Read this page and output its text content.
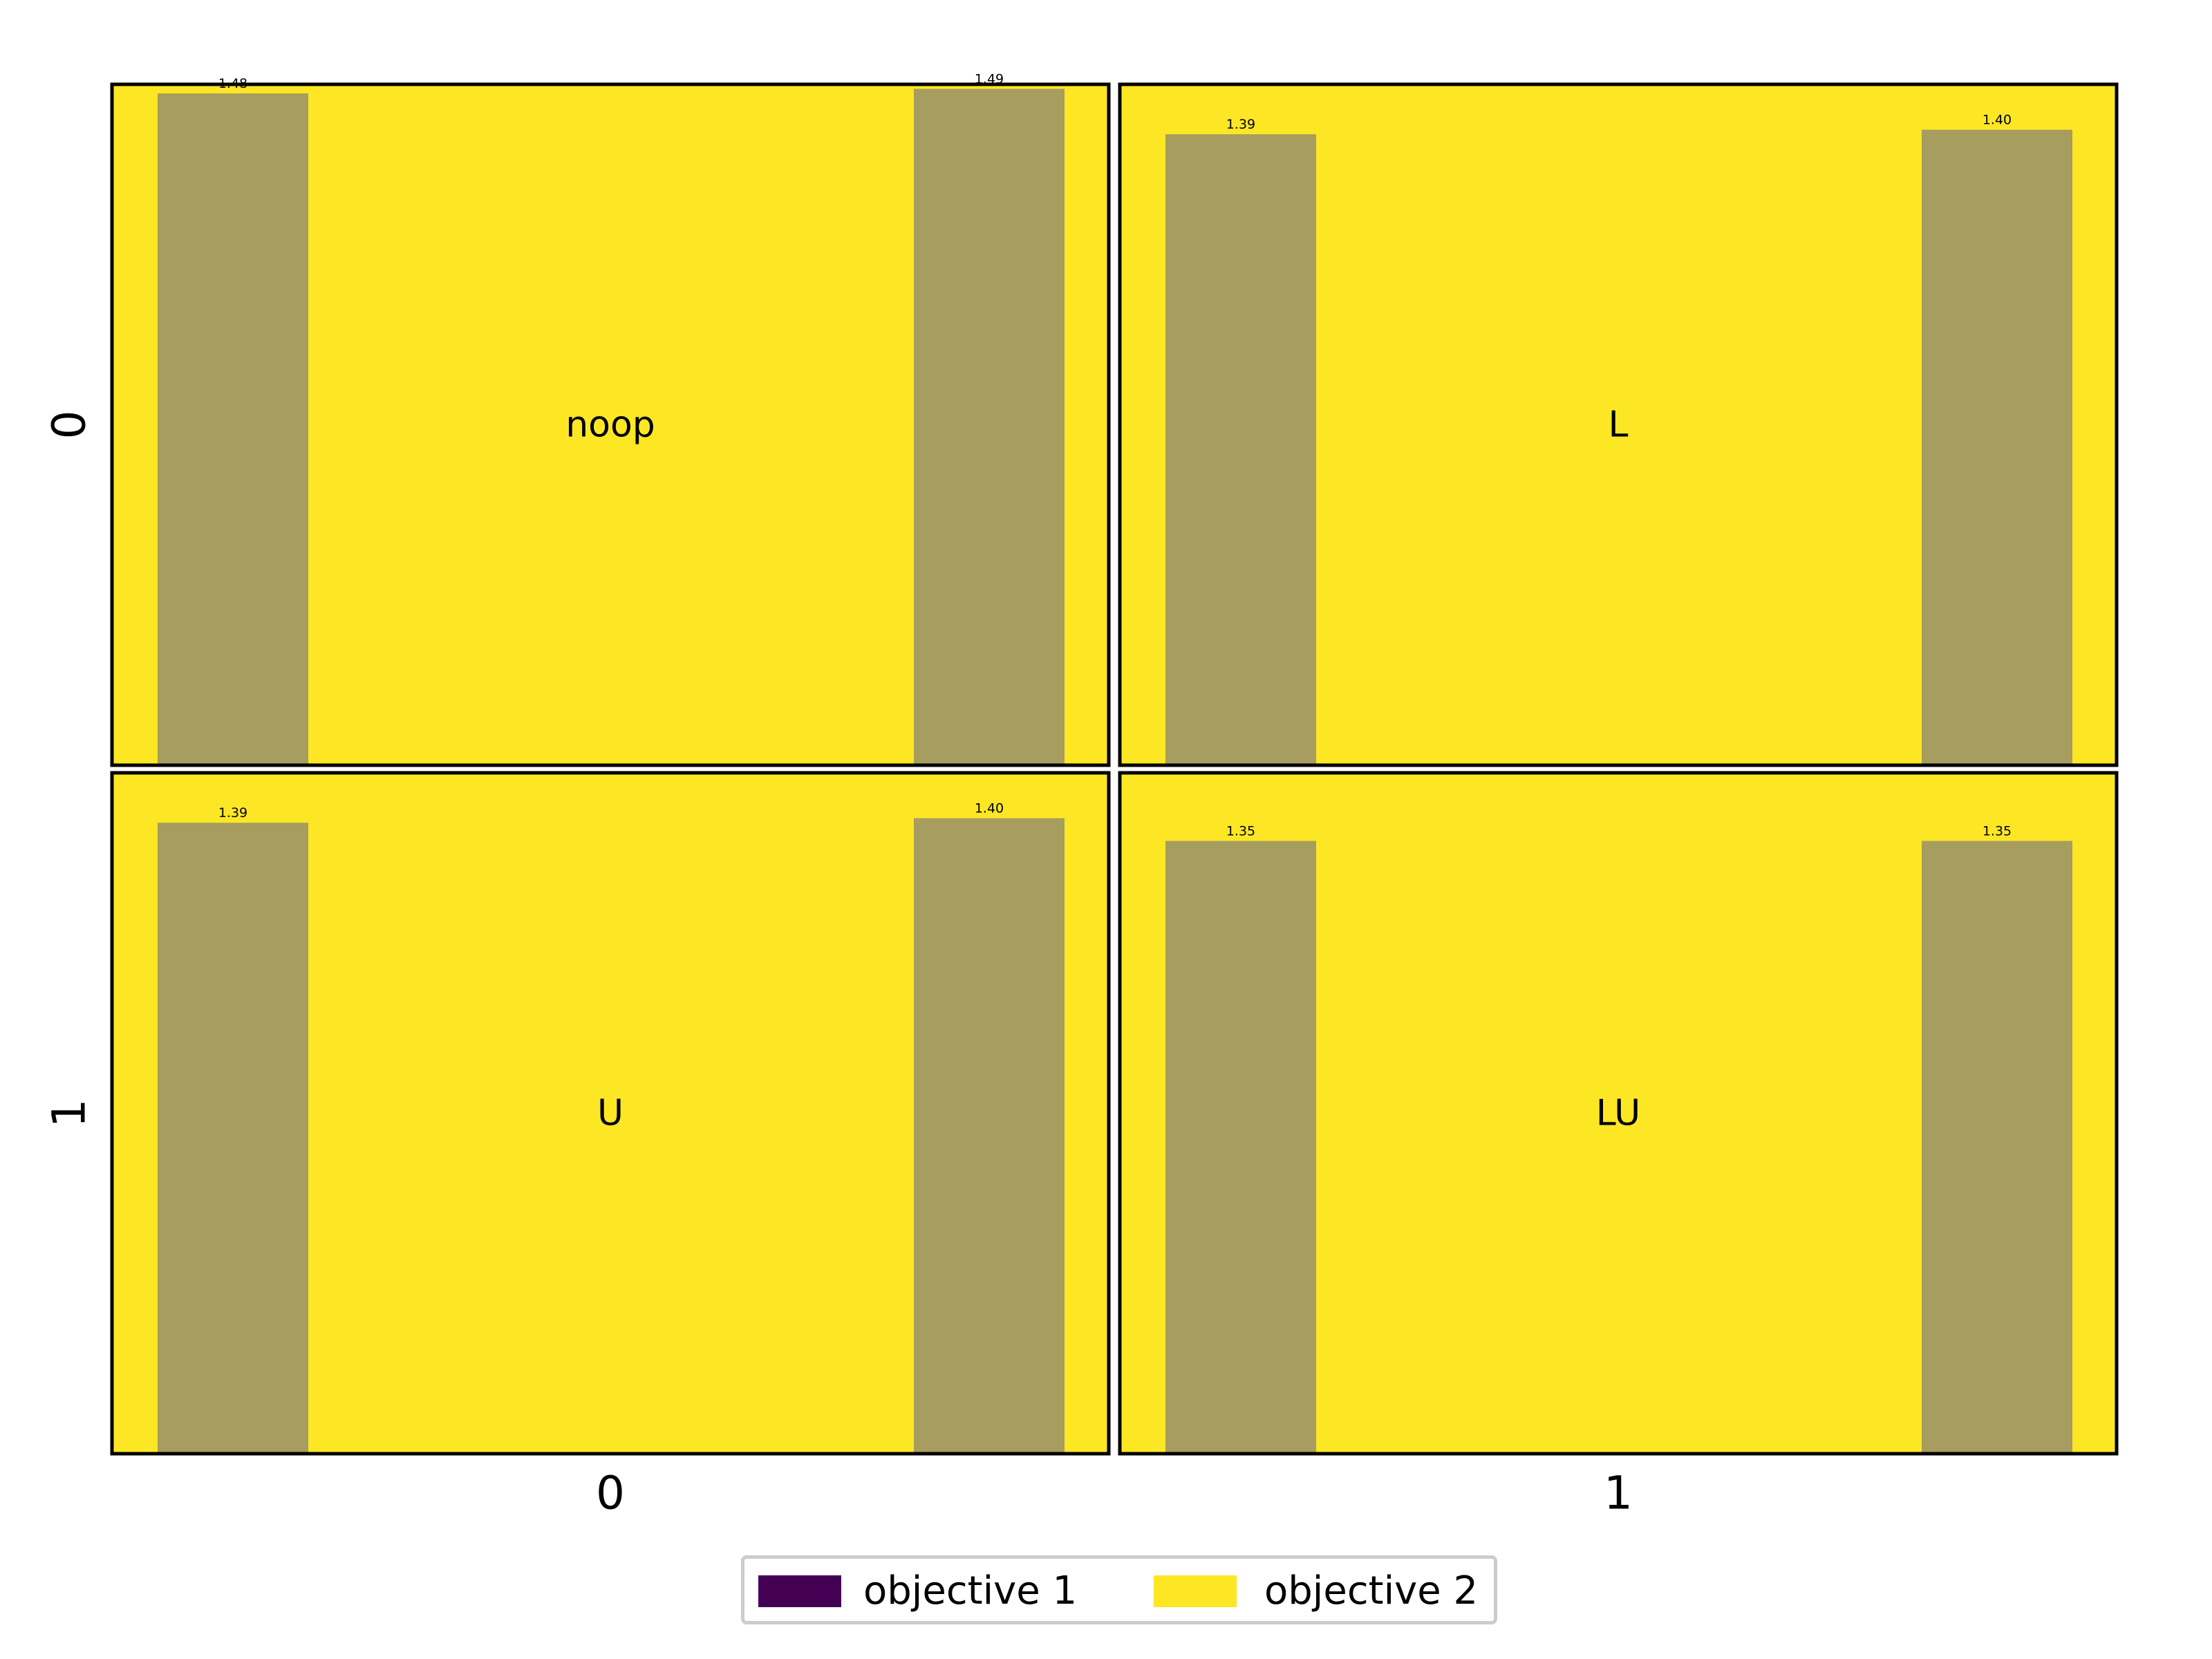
1.48	1.49
noop
1.39	1.40
L
1.39	1.40
U
1.35	1.35
LU
0
1
0	1
objective 1	objective 2
